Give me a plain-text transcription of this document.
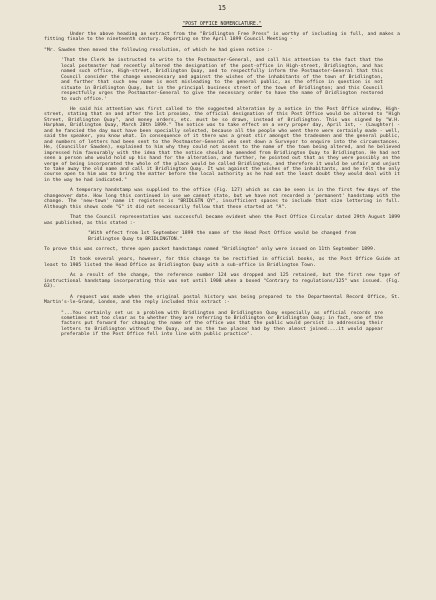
15
"POST OFFICE NOMENCLATURE."

Under the above heading an extract from the "Bridlington Free Press" is worthy of including in full, and makes a fitting finale to the nineteenth century. Reporting on the April 1899 Council Meeting -

"Mr. Sawden then moved the following resolution, of which he had given notice :-

'That the Clerk be instructed to write to the Postmaster-General, and call his attention to the fact that the local postmaster had recently altered the designation of the post-office in High-street, Bridlington, and has named such office, High-street, Bridlington Quay, and to respectfully inform the Postmaster-General that this Council consider the change unnecessary and against the wishes of the inhabitants of the town of Bridlington, and further that such new name is most misleading to the general public, as the office in question is not situate in Bridlington Quay, but in the principal business street of the town of Bridlington; and this Council respectfully urges the Postmaster-General to give the necessary order to have the name of Bridlington restored to such office.'

He said his attention was first called to the suggested alteration by a notice in the Post Office window, High-street, stating that on and after the 1st proximo, the official designation of this Post Office would be altered to "High Street, Bridlington Quay", and money orders, etc. must be so drawn, instead of Bridlington. This was signed by "W.H. Harpham, Bridlington Quay, March 28th 1899." The notice was to take effect on a very proper day, April 1st, - (Laughter) - and he fancied the day must have been specially selected, because all the people who went there were certainly made - well, said the speaker, you know what. In consequence of it there was a great stir amongst the tradesmen and the general public, and numbers of letters had been sent to the Postmaster-General who sent down a Surveyor to enquire into the circumstances. He, (Councillor Sawden), explained to him why they could not assent to the name of the town being altered, and he believed impressed him favourably with the idea that the notice should be amended from Bridlington Quay to Bridlington. He had not seen a person who would hold up his hand for the alteration, and further, he pointed out that as they were possibly on the verge of being incorporated the whole of the place would be called Bridlington, and therefore it would be unfair and unjust to take away the old name and call it Bridlington Quay. It was against the wishes of the inhabitants, and he felt the only course open to him was to bring the matter before the local authority as he had not the least doubt they would deal with it in the way he had indicated."

A temporary handstamp was supplied to the office (Fig. 127) which as can be seen is in the first few days of the changeover date. How long this continued in use we cannot state, but we have not recorded a 'permanent' handstamp with the change. The 'new-town' name it registers is "BRIDLGTN QY", insufficient spaces to include that size lettering in full. Although this shows code "G" it did not necessarily follow that these started at "A".

That the Council representation was successful became evident when the Post Office Circular dated 29th August 1899 was published, as this stated :-

"With effect from 1st September 1899 the name of the Head Post Office would be changed from Bridlington Quay to BRIDLINGTON."

To prove this was correct, three open packet handstamps named "Bridlington" only were issued on 11th September 1899.

It took several years, however, for this change to be rectified in official books, as the Post Office Guide at least to 1905 listed the Head Office as Bridlington Quay with a sub-office in Bridlington Town.

As a result of the change, the reference number 124 was dropped and 125 retained, but the first new type of instructional handstamp incorporating this was not until 1908 when a boxed "Contrary to regulations/125" was issued. (Fig. 63).

A request was made when the original postal history was being prepared to the Departmental Record Office, St. Martin's-le-Grand, London, and the reply included this extract :-

"...You certainly set us a problem with Bridlington and Bridlington Quay especially as official records are sometimes not too clear as to whether they are referring to Bridlington or Bridlington Quay; in fact, one of the factors put forward for changing the name of the office was that the public would persist in addressing their letters to Bridlington without the Quay, and as the two places had by then almost joined....it would appear preferable if the Post Office fell into line with public practice".
